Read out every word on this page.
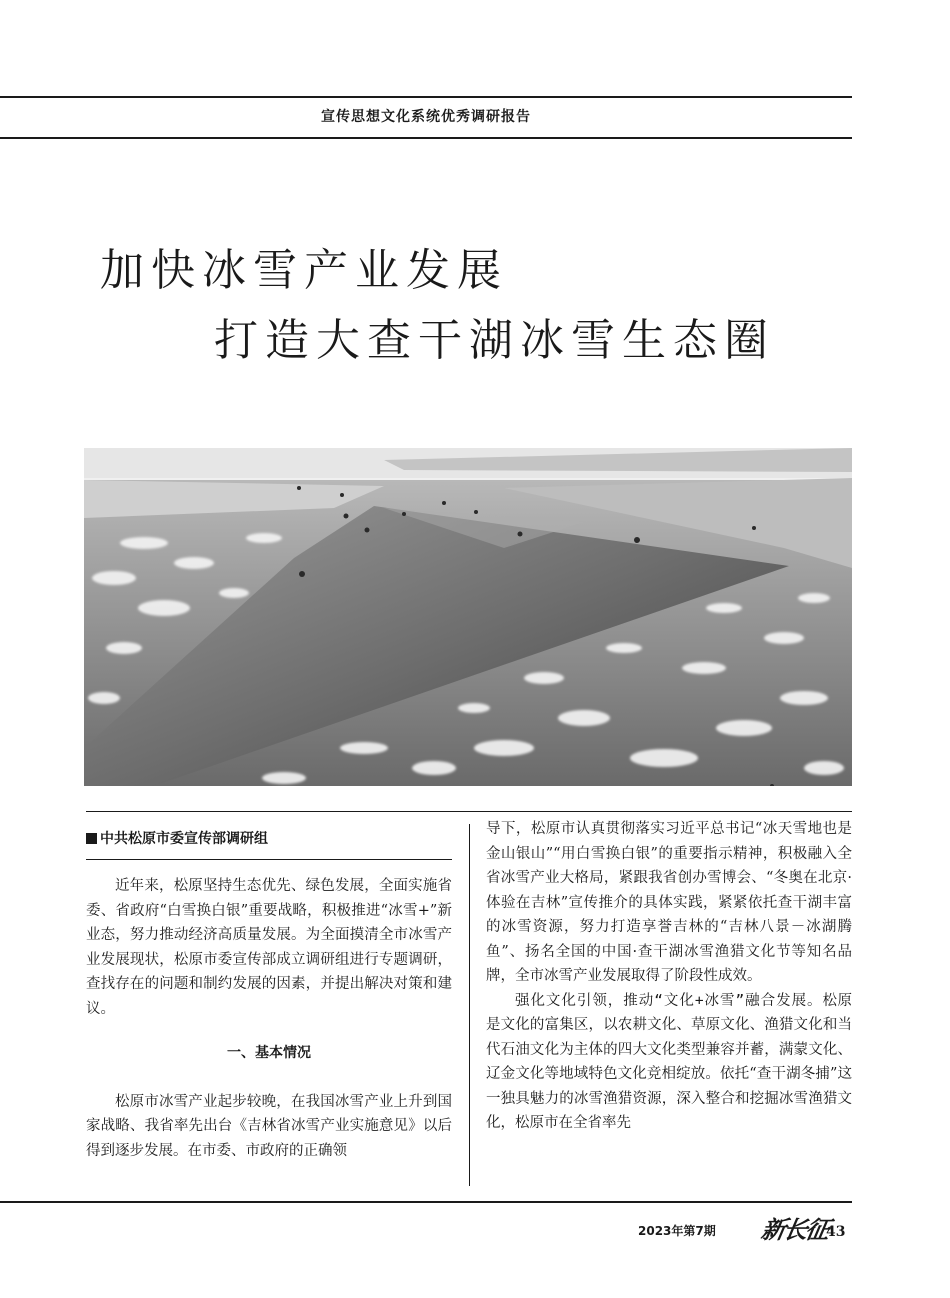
宣传思想文化系统优秀调研报告
加快冰雪产业发展
打造大查干湖冰雪生态圈
中共松原市委宣传部调研组

近年来，松原坚持生态优先、绿色发展，全面实施省委、省政府“白雪换白银”重要战略，积极推进“冰雪+”新业态，努力推动经济高质量发展。为全面摸清全市冰雪产业发展现状，松原市委宣传部成立调研组进行专题调研，查找存在的问题和制约发展的因素，并提出解决对策和建议。

一、基本情况

松原市冰雪产业起步较晚，在我国冰雪产业上升到国家战略、我省率先出台《吉林省冰雪产业实施意见》以后得到逐步发展。在市委、市政府的正确领

导下，松原市认真贯彻落实习近平总书记“冰天雪地也是金山银山”“用白雪换白银”的重要指示精神，积极融入全省冰雪产业大格局，紧跟我省创办雪博会、“冬奥在北京·体验在吉林”宣传推介的具体实践，紧紧依托查干湖丰富的冰雪资源，努力打造享誉吉林的“吉林八景－冰湖腾鱼”、扬名全国的中国·查干湖冰雪渔猎文化节等知名品牌，全市冰雪产业发展取得了阶段性成效。

强化文化引领，推动“文化+冰雪”融合发展。松原是文化的富集区，以农耕文化、草原文化、渔猎文化和当代石油文化为主体的四大文化类型兼容并蓄，满蒙文化、辽金文化等地域特色文化竞相绽放。依托“查干湖冬捕”这一独具魅力的冰雪渔猎资源，深入整合和挖掘冰雪渔猎文化，松原市在全省率先

2023年第7期 新长征
43
